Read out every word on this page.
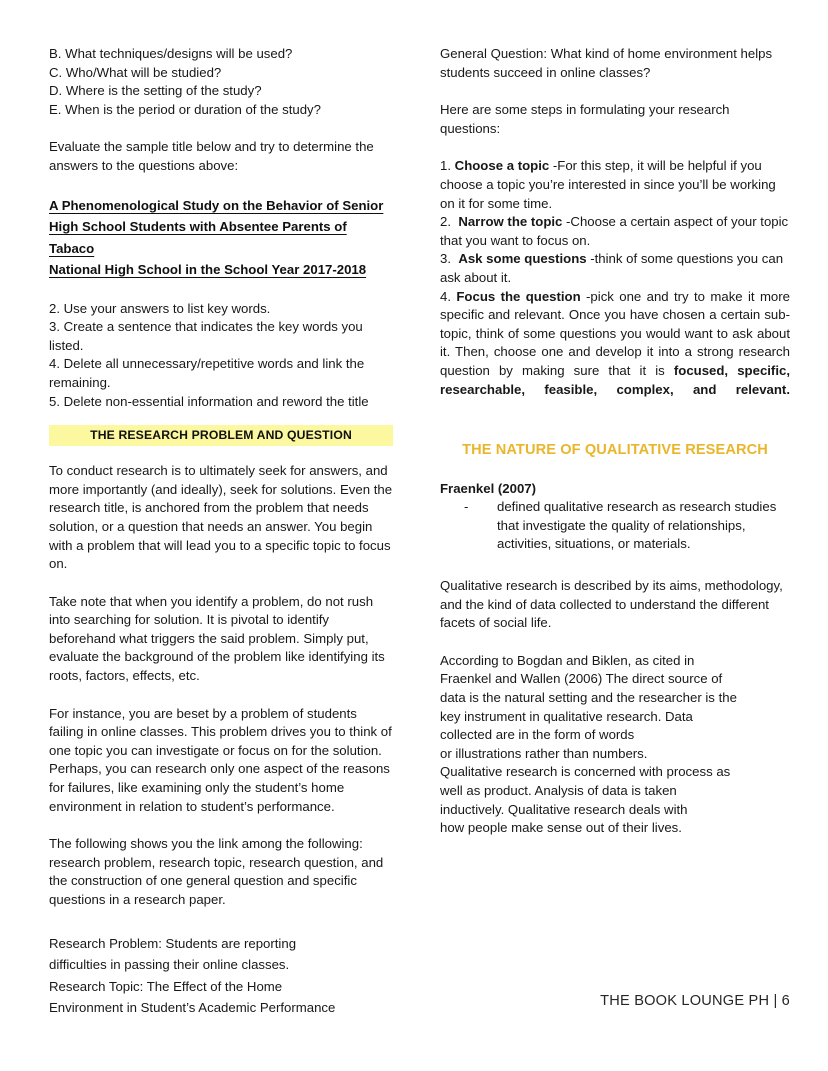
B. What techniques/designs will be used?

C. Who/What will be studied?

D. Where is the setting of the study?

E. When is the period or duration of the study?

Evaluate the sample title below and try to determine the answers to the questions above:

A Phenomenological Study on the Behavior of Senior
High School Students with Absentee Parents of Tabaco
National High School in the School Year 2017-2018

2. Use your answers to list key words.

3. Create a sentence that indicates the key words you listed.

4. Delete all unnecessary/repetitive words and link the remaining.

5. Delete non-essential information and reword the title

THE RESEARCH PROBLEM AND QUESTION

To conduct research is to ultimately seek for answers, and more importantly (and ideally), seek for solutions. Even the research title, is anchored from the problem that needs solution, or a question that needs an answer. You begin with a problem that will lead you to a specific topic to focus on.

Take note that when you identify a problem, do not rush into searching for solution. It is pivotal to identify beforehand what triggers the said problem. Simply put, evaluate the background of the problem like identifying its roots, factors, effects, etc.

For instance, you are beset by a problem of students failing in online classes. This problem drives you to think of one topic you can investigate or focus on for the solution. Perhaps, you can research only one aspect of the reasons for failures, like examining only the student’s home environment in relation to student’s performance.

The following shows you the link among the following: research problem, research topic, research question, and the construction of one general question and specific questions in a research paper.

Research Problem: Students are reporting
difficulties in passing their online classes.
Research Topic: The Effect of the Home
Environment in Student’s Academic Performance

General Question: What kind of home environment helps students succeed in online classes?

Here are some steps in formulating your research questions:

1. Choose a topic -For this step, it will be helpful if you choose a topic you’re interested in since you’ll be working on it for some time.

2. Narrow the topic -Choose a certain aspect of your topic that you want to focus on.

3. Ask some questions -think of some questions you can ask about it.

4. Focus the question -pick one and try to make it more specific and relevant. Once you have chosen a certain sub-topic, think of some questions you would want to ask about it. Then, choose one and develop it into a strong research question by making sure that it is focused, specific, researchable, feasible, complex, and relevant.

THE NATURE OF QUALITATIVE RESEARCH

Fraenkel (2007)

- defined qualitative research as research studies that investigate the quality of relationships, activities, situations, or materials.

Qualitative research is described by its aims, methodology, and the kind of data collected to understand the different facets of social life.

According to Bogdan and Biklen, as cited in
Fraenkel and Wallen (2006) The direct source of
data is the natural setting and the researcher is the
key instrument in qualitative research. Data
collected are in the form of words
or illustrations rather than numbers.
Qualitative research is concerned with process as
well as product. Analysis of data is taken
inductively. Qualitative research deals with
how people make sense out of their lives.
THE BOOK LOUNGE PH | 6
